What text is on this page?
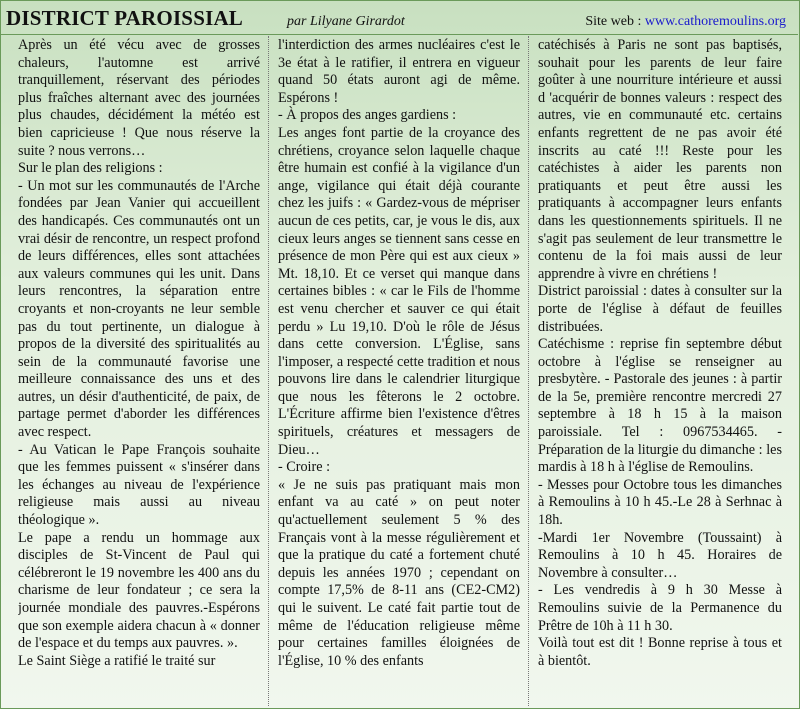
DISTRICT PAROISSIAL	par Lilyane Girardot	Site web : www.cathoremoulins.org

Après un été vécu avec de grosses chaleurs, l'automne est arrivé tranquillement, réservant des périodes plus fraîches alternant avec des journées plus chaudes, décidément la météo est bien capricieuse ! Que nous réserve la suite ? nous verrons…

Sur le plan des religions :

- Un mot sur les communautés de l'Arche fondées par Jean Vanier qui accueillent des handicapés. Ces communautés ont un vrai désir de rencontre, un respect profond de leurs différences, elles sont attachées aux valeurs communes qui les unit. Dans leurs rencontres, la séparation entre croyants et non-croyants ne leur semble pas du tout pertinente, un dialogue à propos de la diversité des spiritualités au sein de la communauté favorise une meilleure connaissance des uns et des autres, un désir d'authenticité, de paix, de partage permet d'aborder les différences avec respect.

- Au Vatican le Pape François souhaite que les femmes puissent « s'insérer dans les échanges au niveau de l'expérience religieuse mais aussi au niveau théologique ».

Le pape a rendu un hommage aux disciples de St-Vincent de Paul qui célébreront le 19 novembre les 400 ans du charisme de leur fondateur ; ce sera la journée mondiale des pauvres.-Espérons que son exemple aidera chacun à « donner de l'espace et du temps aux pauvres. ».

Le Saint Siège a ratifié le traité sur

l'interdiction des armes nucléaires c'est le 3e état à le ratifier, il entrera en vigueur quand 50 états auront agi de même. Espérons !

- À propos des anges gardiens :

Les anges font partie de la croyance des chrétiens, croyance selon laquelle chaque être humain est confié à la vigilance d'un ange, vigilance qui était déjà courante chez les juifs : « Gardez-vous de mépriser aucun de ces petits, car, je vous le dis, aux cieux leurs anges se tiennent sans cesse en présence de mon Père qui est aux cieux » Mt. 18,10. Et ce verset qui manque dans certaines bibles : « car le Fils de l'homme est venu chercher et sauver ce qui était perdu » Lu 19,10. D'où le rôle de Jésus dans cette conversion. L'Église, sans l'imposer, a respecté cette tradition et nous pouvons lire dans le calendrier liturgique que nous les fêterons le 2 octobre. L'Écriture affirme bien l'existence d'êtres spirituels, créatures et messagers de Dieu…

- Croire :

« Je ne suis pas pratiquant mais mon enfant va au caté » on peut noter qu'actuellement seulement 5 % des Français vont à la messe régulièrement et que la pratique du caté a fortement chuté depuis les années 1970 ; cependant on compte 17,5% de 8-11 ans (CE2-CM2) qui le suivent. Le caté fait partie tout de même de l'éducation religieuse même pour certaines familles éloignées de l'Église, 10 % des enfants

catéchisés à Paris ne sont pas baptisés, souhait pour les parents de leur faire goûter à une nourriture intérieure et aussi d 'acquérir de bonnes valeurs : respect des autres, vie en communauté etc. certains enfants regrettent de ne pas avoir été inscrits au caté !!! Reste pour les catéchistes à aider les parents non pratiquants et peut être aussi les pratiquants à accompagner leurs enfants dans les questionnements spirituels. Il ne s'agit pas seulement de leur transmettre le contenu de la foi mais aussi de leur apprendre à vivre en chrétiens !

District paroissial : dates à consulter sur la porte de l'église à défaut de feuilles distribuées.

Catéchisme : reprise fin septembre début octobre à l'église se renseigner au presbytère. - Pastorale des jeunes : à partir de la 5e, première rencontre mercredi 27 septembre à 18 h 15 à la maison paroissiale. Tel : 0967534465. - Préparation de la liturgie du dimanche : les mardis à 18 h à l'église de Remoulins.

- Messes pour Octobre tous les dimanches à Remoulins à 10 h 45.-Le 28 à Serhnac à 18h.

-Mardi 1er Novembre (Toussaint) à Remoulins à 10 h 45. Horaires de Novembre à consulter…

- Les vendredis à 9 h 30 Messe à Remoulins suivie de la Permanence du Prêtre de 10h à 11 h 30.

Voilà tout est dit ! Bonne reprise à tous et à bientôt.
